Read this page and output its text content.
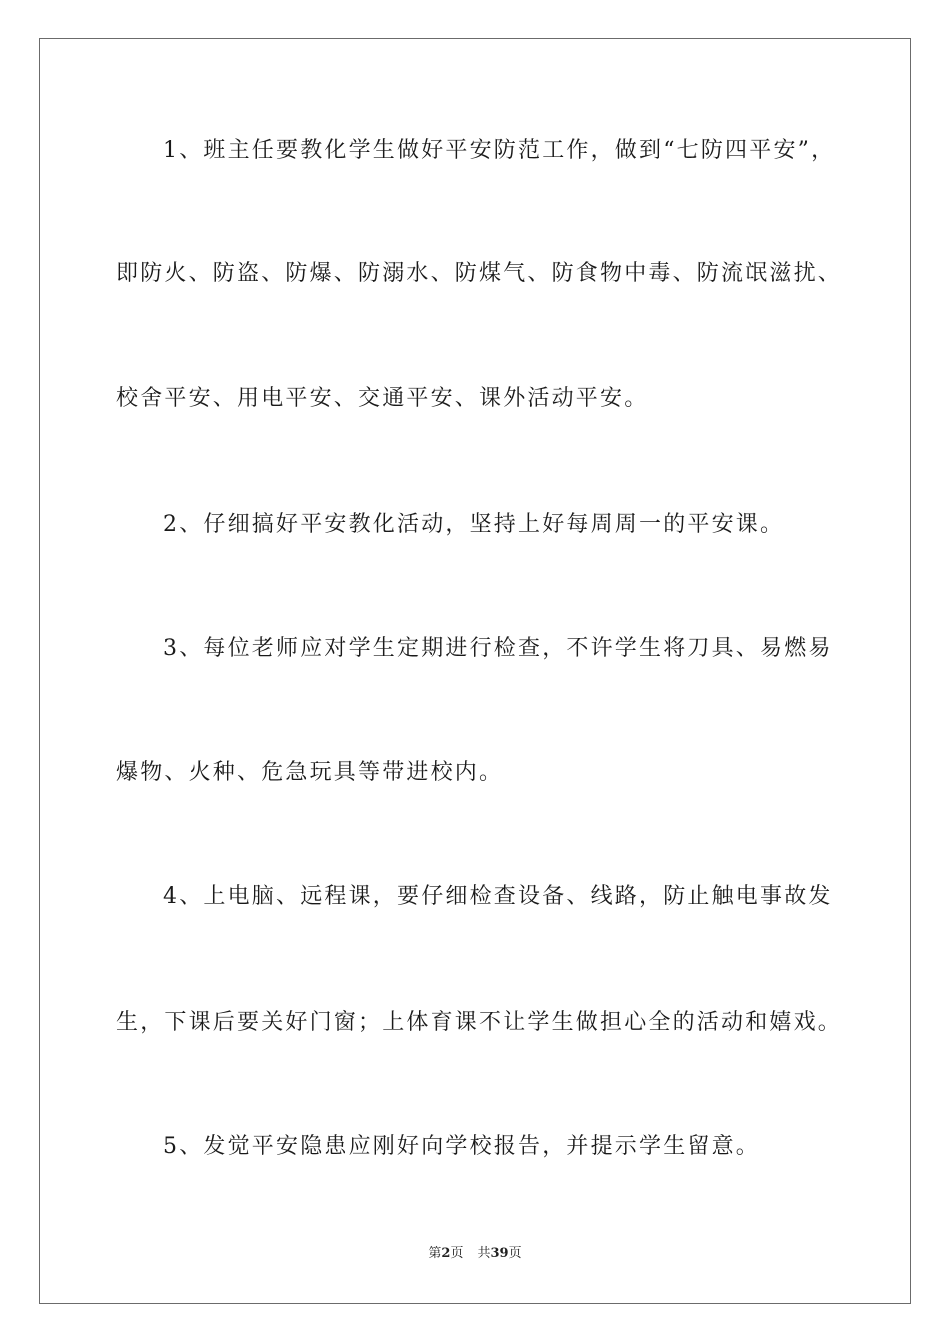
1、班主任要教化学生做好平安防范工作，做到“七防四平安”，
即防火、防盗、防爆、防溺水、防煤气、防食物中毒、防流氓滋扰、
校舍平安、用电平安、交通平安、课外活动平安。
2、仔细搞好平安教化活动，坚持上好每周周一的平安课。
3、每位老师应对学生定期进行检查，不许学生将刀具、易燃易
爆物、火种、危急玩具等带进校内。
4、上电脑、远程课，要仔细检查设备、线路，防止触电事故发
生，下课后要关好门窗；上体育课不让学生做担心全的活动和嬉戏。
5、发觉平安隐患应刚好向学校报告，并提示学生留意。
第2页 共39页
